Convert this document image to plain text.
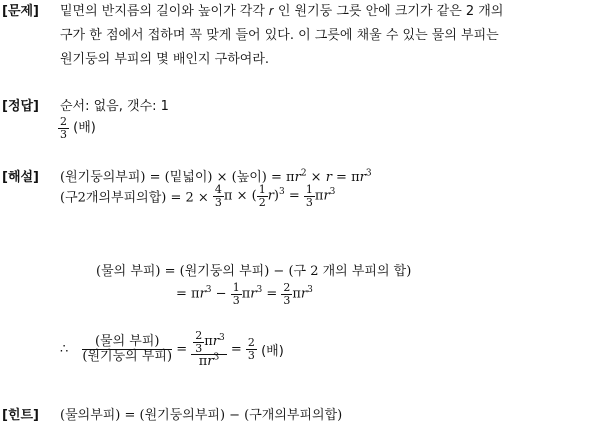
[문제] 밑면의 반지름의 길이와 높이가 각각 𝑟 인 원기둥 그릇 안에 크기가 같은 2 개의
구가 한 점에서 접하며 꼭 맞게 들어 있다. 이 그릇에 채울 수 있는 물의 부피는
원기둥의 부피의 몇 배인지 구하여라.
[정답] 순서: 없음, 갯수: 1
$\frac{2}{3}$ (배)
[해설] (원기둥의부피) = (밑넓이) × (높이) = π𝑟$^2$ × 𝑟 = π𝑟$^3$
(구2개의부피의합) = $2 \times \frac{4}{3}$ π × ( $\frac{1}{2}$ 𝑟)$^3$ = $\frac{1}{3}$ π𝑟$^3$
(물의 부피) = (원기둥의 부피) − (구 2 개의 부피의 합)
= π𝑟$^3$ − $\frac{1}{3}$ π𝑟$^3$ = $\frac{2}{3}$ π𝑟$^3$
∴ $\frac{\text{(물의 부피)}}{\text{(원기둥의 부피)}} = \frac{\frac{2}{3} \pi 𝑟^3}{\pi 𝑟^3} = \frac{2}{3}$ (배)
[힌트] (물의부피) = (원기둥의부피) − (구개의부피의합)
